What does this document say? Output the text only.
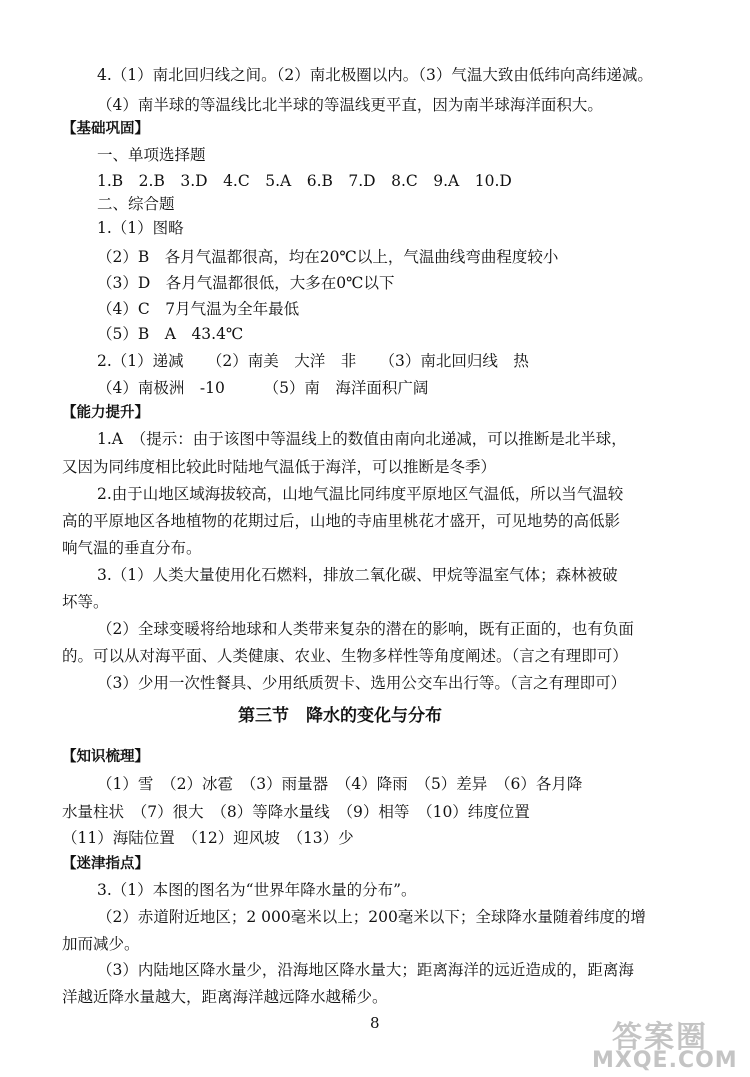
4.（1）南北回归线之间。（2）南北极圈以内。（3）气温大致由低纬向高纬递减。
（4）南半球的等温线比北半球的等温线更平直，因为南半球海洋面积大。
1.B　2.B　3.D　4.C　5.A　6.B　7.D　8.C　9.A　10.D
1.（1）图略
（2）B　各月气温都很高，均在20℃以上，气温曲线弯曲程度较小
（3）D　各月气温都很低，大多在0℃以下
（4）C　7月气温为全年最低
（5）B　A　43.4℃
2.（1）递减　　（2）南美　大洋　非　　（3）南北回归线　热
（4）南极洲　-10　　　（5）南　海洋面积广阔
1.A　（提示：由于该图中等温线上的数值由南向北递减，可以推断是北半球，
又因为同纬度相比较此时陆地气温低于海洋，可以推断是冬季）
2.由于山地区域海拔较高，山地气温比同纬度平原地区气温低，所以当气温较
高的平原地区各地植物的花期过后，山地的寺庙里桃花才盛开，可见地势的高低影
响气温的垂直分布。
3.（1）人类大量使用化石燃料，排放二氧化碳、甲烷等温室气体；森林被破
坏等。
（2）全球变暖将给地球和人类带来复杂的潜在的影响，既有正面的，也有负面
的。可以从对海平面、人类健康、农业、生物多样性等角度阐述。（言之有理即可）
（3）少用一次性餐具、少用纸质贺卡、选用公交车出行等。（言之有理即可）
（1）雪　（2）冰雹　（3）雨量器　（4）降雨　（5）差异　（6）各月降
水量柱状　（7）很大　（8）等降水量线　（9）相等　（10）纬度位置
（11）海陆位置　（12）迎风坡　（13）少
3.（1）本图的图名为“世界年降水量的分布”。
（2）赤道附近地区；2 000毫米以上；200毫米以下；全球降水量随着纬度的增
加而减少。
（3）内陆地区降水量少，沿海地区降水量大；距离海洋的远近造成的，距离海
洋越近降水量越大，距离海洋越远降水越稀少。
【基础巩固】
一、单项选择题
二、综合题
【能力提升】
【知识梳理】
【迷津指点】
第三节　降水的变化与分布
8	答案圈
MXQE.COM
